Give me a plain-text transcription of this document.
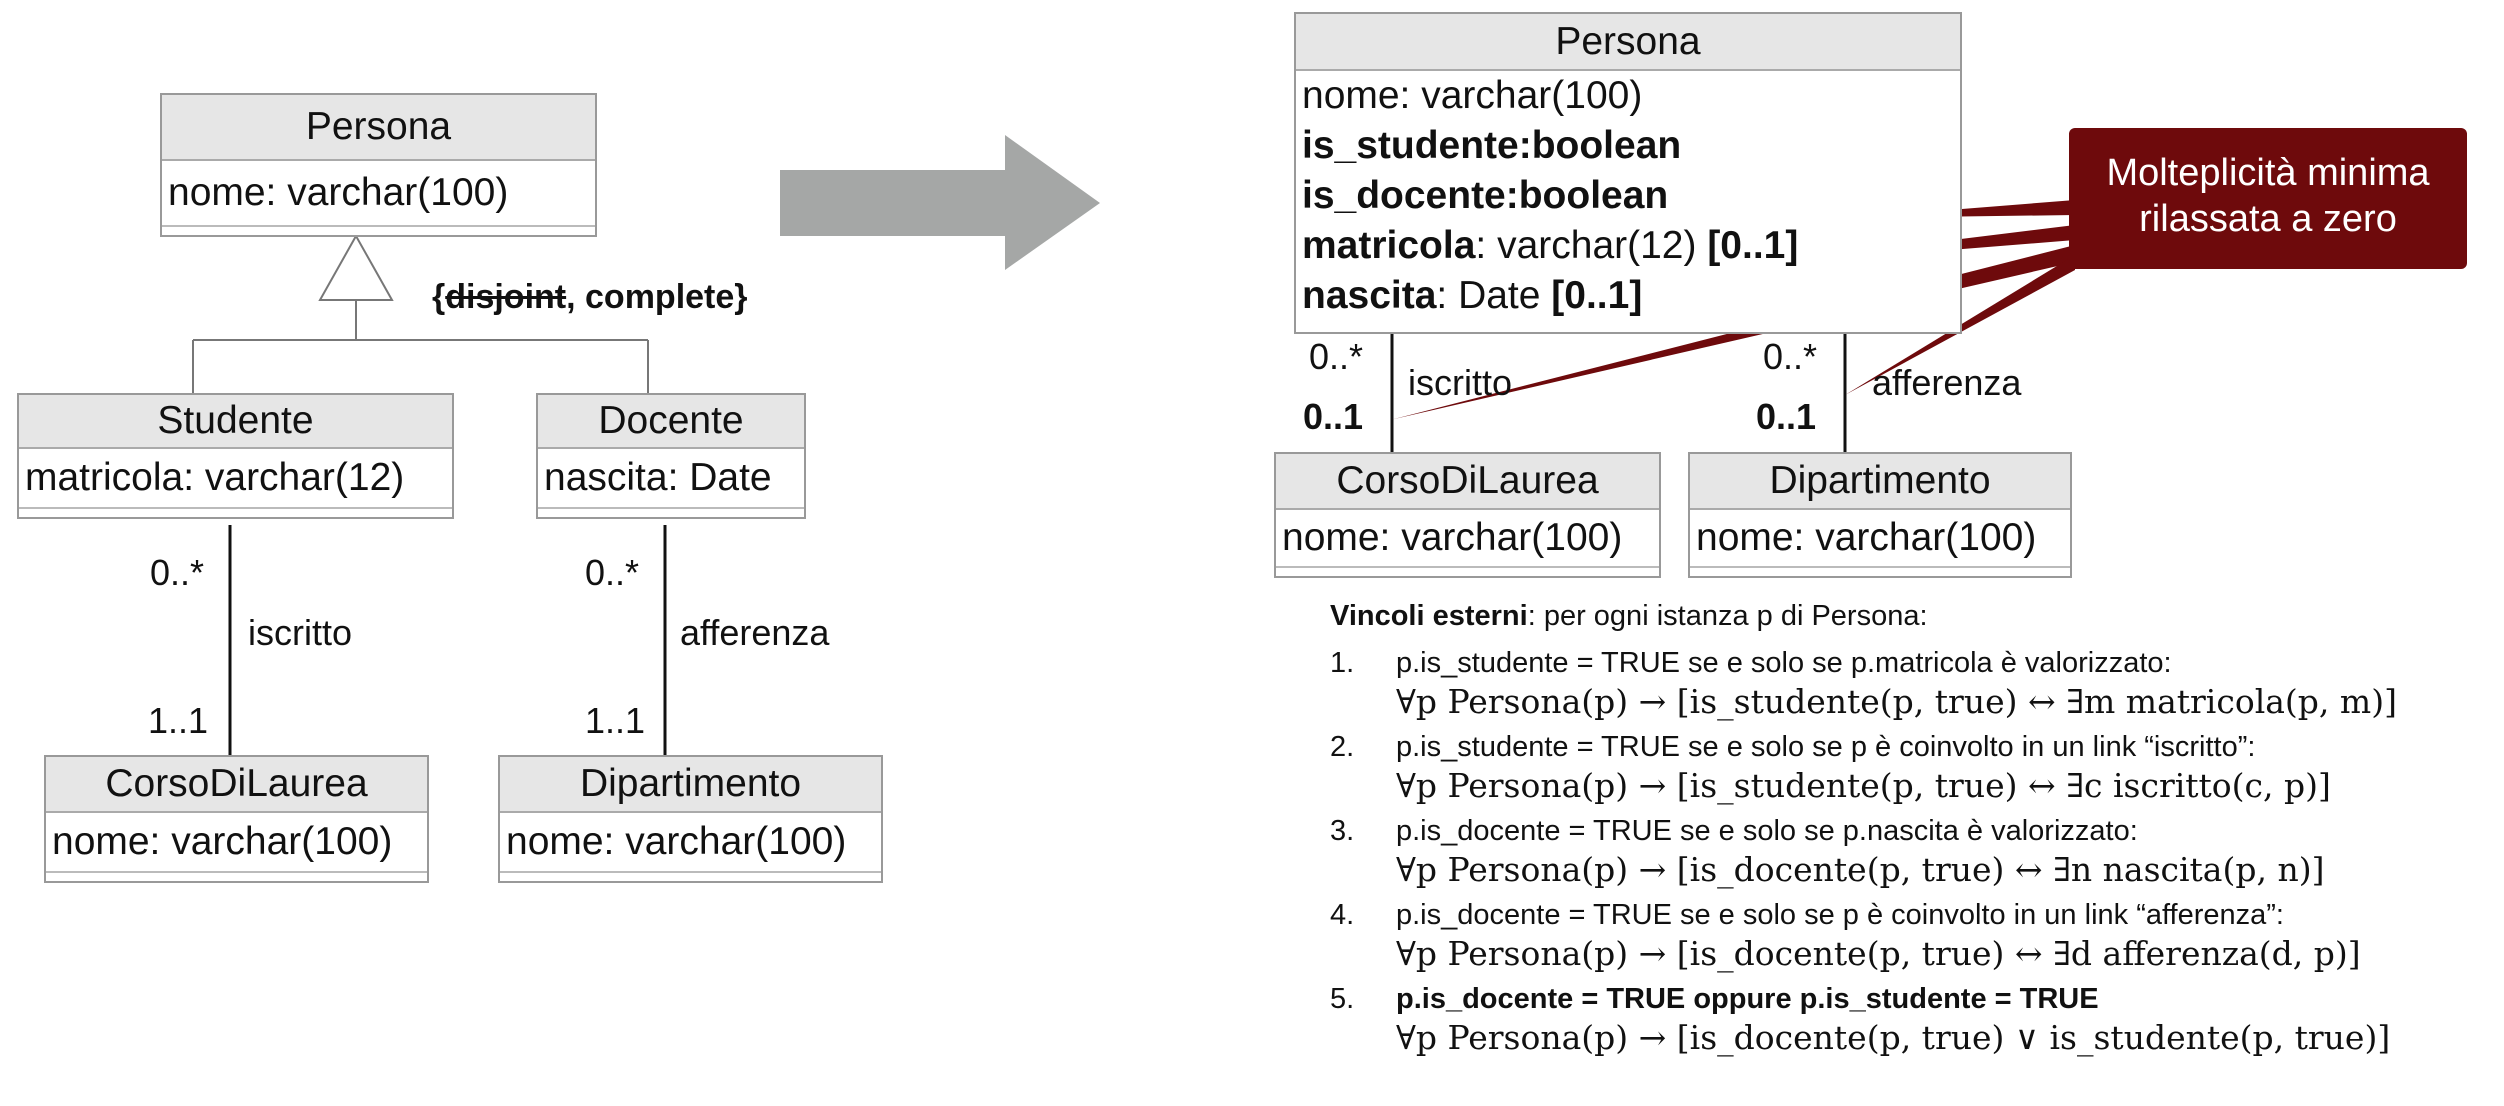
Persona
nome: varchar(100)
{disjoint, complete}
Studente
matricola: varchar(12)
Docente
nascita: Date
0..*
iscritto
1..1
0..*
afferenza
1..1
CorsoDiLaurea
nome: varchar(100)
Dipartimento
nome: varchar(100)
Persona
nome: varchar(100)
is_studente:boolean
is_docente:boolean
matricola: varchar(12) [0..1]
nascita: Date [0..1]
Molteplicità minima
rilassata a zero
0..*
iscritto
0..1
0..*
afferenza
0..1
CorsoDiLaurea
nome: varchar(100)
Dipartimento
nome: varchar(100)
Vincoli esterni: per ogni istanza p di Persona:
1. p.is_studente = TRUE se e solo se p.matricola è valorizzato:
∀p Persona(p) → [is_studente(p, true) ↔ ∃m matricola(p, m)]
2. p.is_studente = TRUE se e solo se p è coinvolto in un link “iscritto”:
∀p Persona(p) → [is_studente(p, true) ↔ ∃c iscritto(c, p)]
3. p.is_docente = TRUE se e solo se p.nascita è valorizzato:
∀p Persona(p) → [is_docente(p, true) ↔ ∃n nascita(p, n)]
4. p.is_docente = TRUE se e solo se p è coinvolto in un link “afferenza”:
∀p Persona(p) → [is_docente(p, true) ↔ ∃d afferenza(d, p)]
5. p.is_docente = TRUE oppure p.is_studente = TRUE
∀p Persona(p) → [is_docente(p, true) ∨ is_studente(p, true)]
